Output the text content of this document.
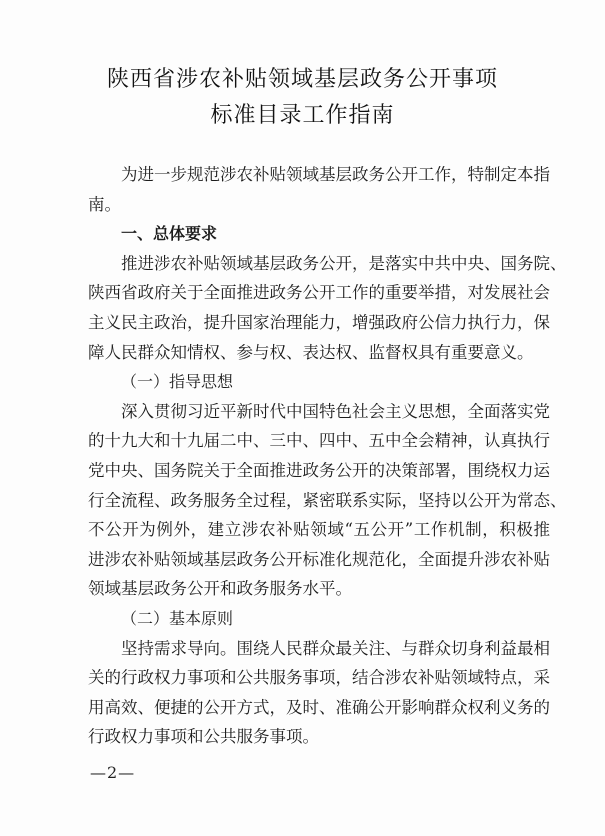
陕西省涉农补贴领域基层政务公开事项
标准目录工作指南
为进一步规范涉农补贴领域基层政务公开工作，特制定本指
南。
一、总体要求
推进涉农补贴领域基层政务公开，是落实中共中央、国务院、
陕西省政府关于全面推进政务公开工作的重要举措，对发展社会
主义民主政治，提升国家治理能力，增强政府公信力执行力，保
障人民群众知情权、参与权、表达权、监督权具有重要意义。
（一）指导思想
深入贯彻习近平新时代中国特色社会主义思想，全面落实党
的十九大和十九届二中、三中、四中、五中全会精神，认真执行
党中央、国务院关于全面推进政务公开的决策部署，围绕权力运
行全流程、政务服务全过程，紧密联系实际，坚持以公开为常态、
不公开为例外，建立涉农补贴领域“五公开”工作机制，积极推
进涉农补贴领域基层政务公开标准化规范化，全面提升涉农补贴
领域基层政务公开和政务服务水平。
（二）基本原则
坚持需求导向。围绕人民群众最关注、与群众切身利益最相
关的行政权力事项和公共服务事项，结合涉农补贴领域特点，采
用高效、便捷的公开方式，及时、准确公开影响群众权利义务的
行政权力事项和公共服务事项。
—2—
